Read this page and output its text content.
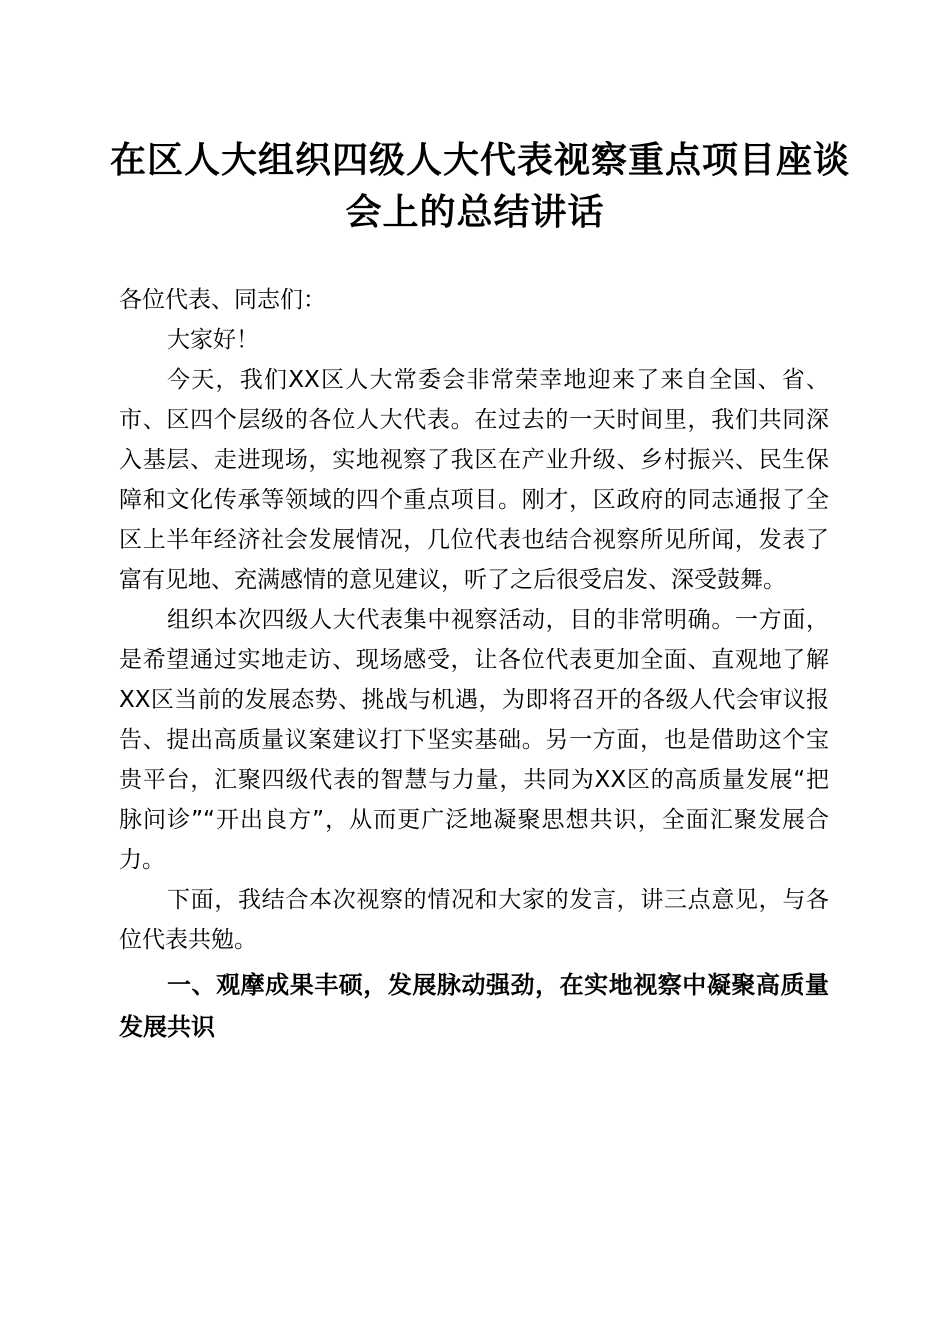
在区人大组织四级人大代表视察重点项目座谈
会上的总结讲话

各位代表、同志们：

大家好！

今天，我们XX区人大常委会非常荣幸地迎来了来自全国、省、市、区四个层级的各位人大代表。在过去的一天时间里，我们共同深入基层、走进现场，实地视察了我区在产业升级、乡村振兴、民生保障和文化传承等领域的四个重点项目。刚才，区政府的同志通报了全区上半年经济社会发展情况，几位代表也结合视察所见所闻，发表了富有见地、充满感情的意见建议，听了之后很受启发、深受鼓舞。

组织本次四级人大代表集中视察活动，目的非常明确。一方面，是希望通过实地走访、现场感受，让各位代表更加全面、直观地了解XX区当前的发展态势、挑战与机遇，为即将召开的各级人代会审议报告、提出高质量议案建议打下坚实基础。另一方面，也是借助这个宝贵平台，汇聚四级代表的智慧与力量，共同为XX区的高质量发展“把脉问诊”“开出良方”，从而更广泛地凝聚思想共识，全面汇聚发展合力。

下面，我结合本次视察的情况和大家的发言，讲三点意见，与各位代表共勉。

一、观摩成果丰硕，发展脉动强劲，在实地视察中凝聚高质量发展共识
